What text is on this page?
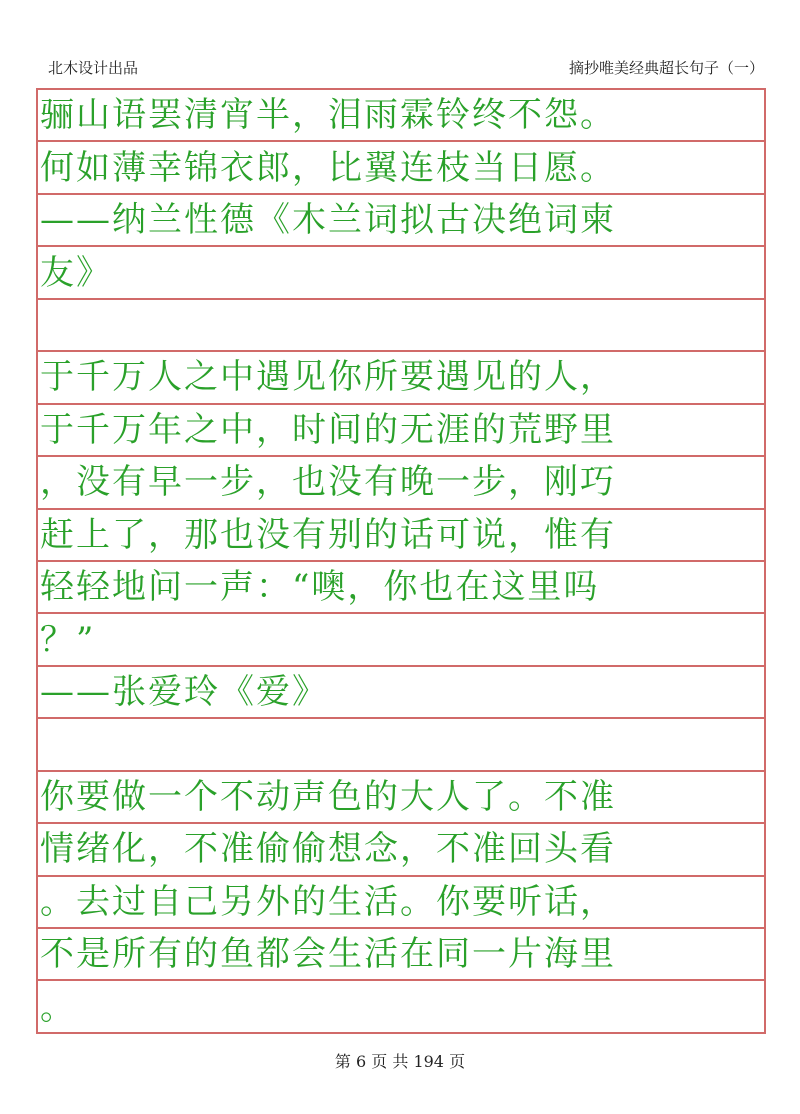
北木设计出品	摘抄唯美经典超长句子（一）
骊山语罢清宵半，泪雨霖铃终不怨。
何如薄幸锦衣郎，比翼连枝当日愿。
——纳兰性德《木兰词拟古决绝词柬
友》
于千万人之中遇见你所要遇见的人，
于千万年之中，时间的无涯的荒野里
，没有早一步，也没有晚一步，刚巧
赶上了，那也没有别的话可说，惟有
轻轻地问一声：“噢，你也在这里吗
？”
——张爱玲《爱》
你要做一个不动声色的大人了。不准
情绪化，不准偷偷想念，不准回头看
。去过自己另外的生活。你要听话，
不是所有的鱼都会生活在同一片海里
。
第 6 页 共 194 页
